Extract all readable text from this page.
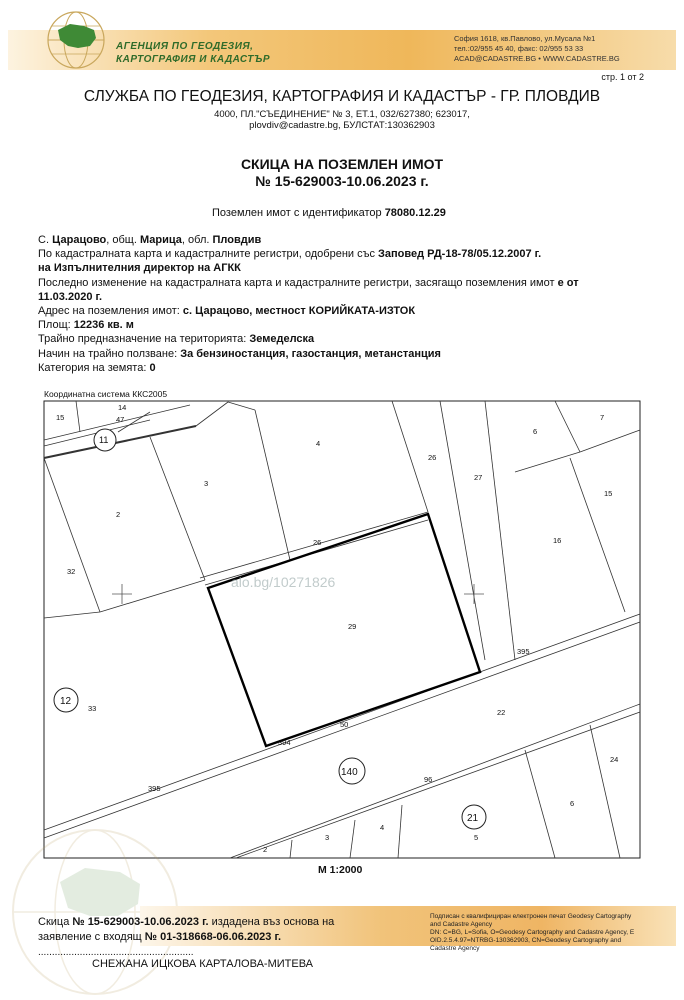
АГЕНЦИЯ ПО ГЕОДЕЗИЯ,
КАРТОГРАФИЯ И КАДАСТЪР
София 1618, кв.Павлово, ул.Мусала №1
тел.:02/955 45 40, факс: 02/955 53 33
ACAD@CADASTRE.BG • WWW.CADASTRE.BG
стр. 1 от 2
СЛУЖБА ПО ГЕОДЕЗИЯ, КАРТОГРАФИЯ И КАДАСТЪР - ГР. ПЛОВДИВ
4000, ПЛ."СЪЕДИНЕНИЕ" № 3, ЕТ.1, 032/627380; 623017,
plovdiv@cadastre.bg, БУЛСТАТ:130362903
СКИЦА НА ПОЗЕМЛЕН ИМОТ
№ 15-629003-10.06.2023 г.
Поземлен имот с идентификатор 78080.12.29
С. Царацово, общ. Марица, обл. Пловдив
По кадастралната карта и кадастралните регистри, одобрени със Заповед РД-18-78/05.12.2007 г.
на Изпълнителния директор на АГКК
Последно изменение на кадастралната карта и кадастралните регистри, засягащо поземления имот е от
11.03.2020 г.
Адрес на поземления имот: с. Царацово, местност КОРИЙКАТА-ИЗТОК
Площ: 12236 кв. м
Трайно предназначение на територията: Земеделска
Начин на трайно ползване: За бензиностанция, газостанция, метанстанция
Категория на земята: 0
Координатна система ККС2005
15
14
47
11	4
26
6
7
27
15
3
2
16
26
32
29
395
12
33	22
50
394
140
24
96
395
6
21
3
4
5
2
alo.bg/10271826
М 1:2000
Скица № 15-629003-10.06.2023 г. издадена въз основа на
заявление с входящ № 01-318668-06.06.2023 г.
Подписан с квалифициран електронен печат Geodesy Cartography
and Cadastre Agency
DN: C=BG, L=Sofia, O=Geodesy Cartography and Cadastre Agency, E
OID.2.5.4.97=NTRBG-130362903, CN=Geodesy Cartography and
Cadastre Agency
........................................................
СНЕЖАНА ИЦКОВА КАРТАЛОВА-МИТЕВА
